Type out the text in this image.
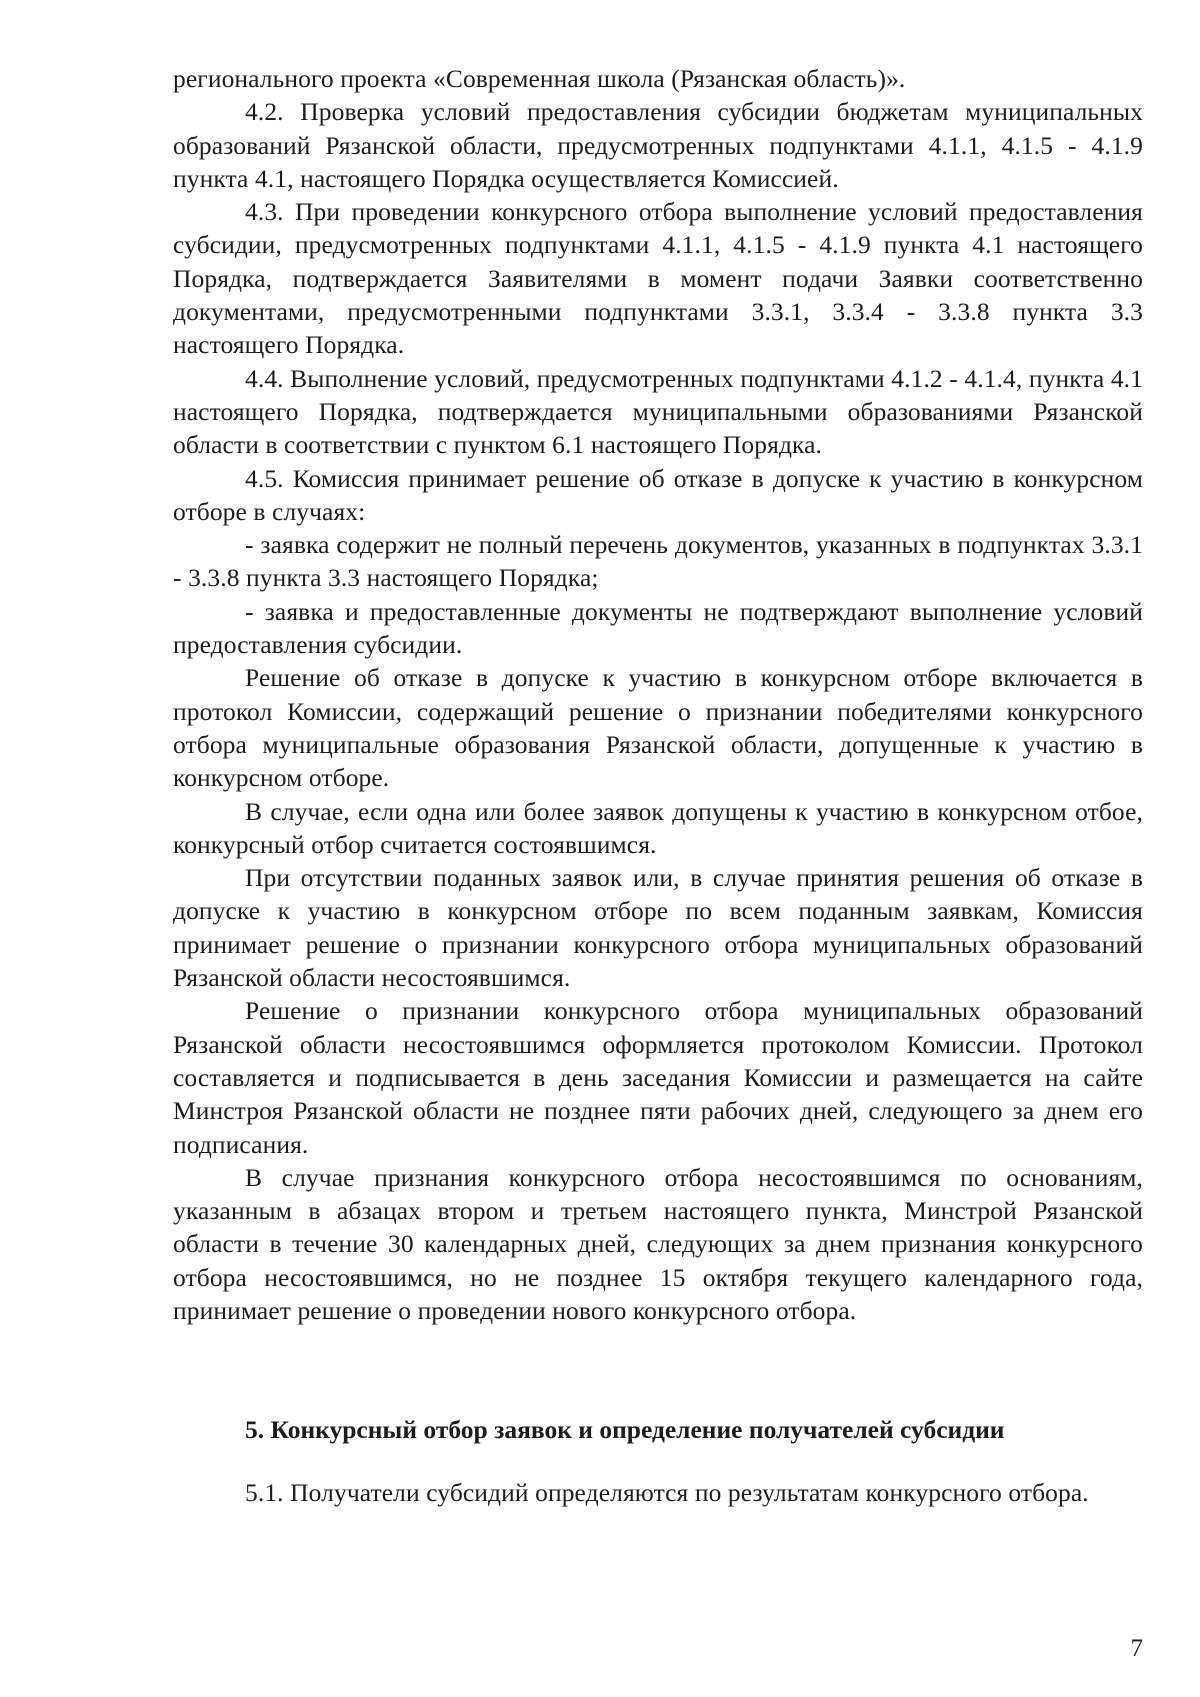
регионального проекта «Современная школа (Рязанская область)».

4.2. Проверка условий предоставления субсидии бюджетам муниципальных образований Рязанской области, предусмотренных подпунктами 4.1.1, 4.1.5 - 4.1.9 пункта 4.1, настоящего Порядка осуществляется Комиссией.

4.3. При проведении конкурсного отбора выполнение условий предоставления субсидии, предусмотренных подпунктами 4.1.1, 4.1.5 - 4.1.9 пункта 4.1 настоящего Порядка, подтверждается Заявителями в момент подачи Заявки соответственно документами, предусмотренными подпунктами 3.3.1, 3.3.4 - 3.3.8 пункта 3.3 настоящего Порядка.

4.4. Выполнение условий, предусмотренных подпунктами 4.1.2 - 4.1.4, пункта 4.1 настоящего Порядка, подтверждается муниципальными образованиями Рязанской области в соответствии с пунктом 6.1 настоящего Порядка.

4.5. Комиссия принимает решение об отказе в допуске к участию в конкурсном отборе в случаях:

- заявка содержит не полный перечень документов, указанных в подпунктах 3.3.1 - 3.3.8 пункта 3.3 настоящего Порядка;

- заявка и предоставленные документы не подтверждают выполнение условий предоставления субсидии.

Решение об отказе в допуске к участию в конкурсном отборе включается в протокол Комиссии, содержащий решение о признании победителями конкурсного отбора муниципальные образования Рязанской области, допущенные к участию в конкурсном отборе.

В случае, если одна или более заявок допущены к участию в конкурсном отбое, конкурсный отбор считается состоявшимся.

При отсутствии поданных заявок или, в случае принятия решения об отказе в допуске к участию в конкурсном отборе по всем поданным заявкам, Комиссия принимает решение о признании конкурсного отбора муниципальных образований Рязанской области несостоявшимся.

Решение о признании конкурсного отбора муниципальных образований Рязанской области несостоявшимся оформляется протоколом Комиссии. Протокол составляется и подписывается в день заседания Комиссии и размещается на сайте Минстроя Рязанской области не позднее пяти рабочих дней, следующего за днем его подписания.

В случае признания конкурсного отбора несостоявшимся по основаниям, указанным в абзацах втором и третьем настоящего пункта, Минстрой Рязанской области в течение 30 календарных дней, следующих за днем признания конкурсного отбора несостоявшимся, но не позднее 15 октября текущего календарного года, принимает решение о проведении нового конкурсного отбора.

5. Конкурсный отбор заявок и определение получателей субсидии

5.1. Получатели субсидий определяются по результатам конкурсного отбора.

7
